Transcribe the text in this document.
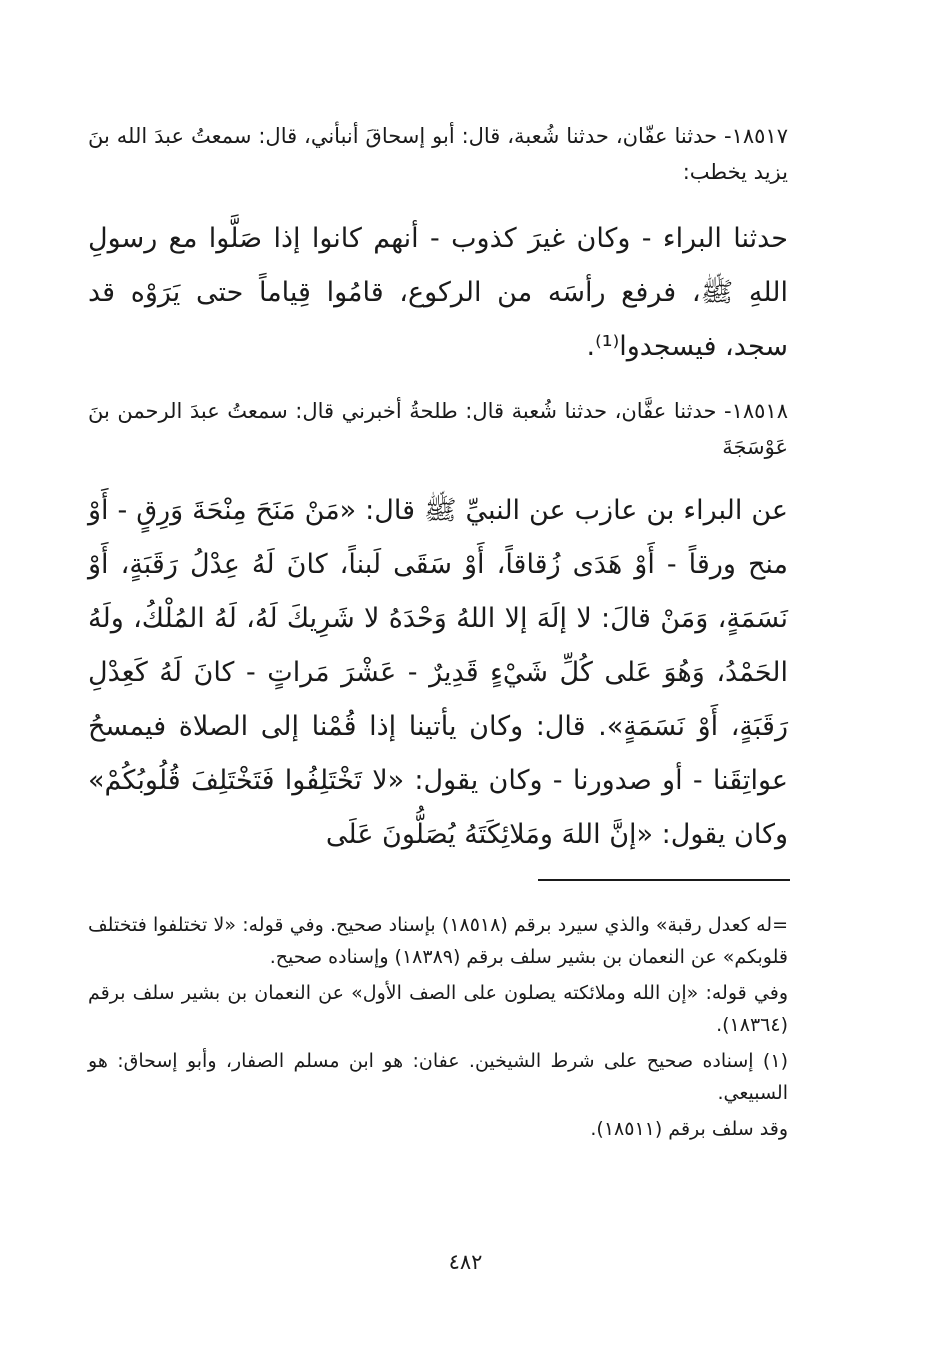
١٨٥١٧- حدثنا عفّان، حدثنا شُعبة، قال: أبو إسحاقَ أنبأني، قال: سمعتُ عبدَ الله بنَ يزيد يخطب:
حدثنا البراء - وكان غيرَ كذوب - أنهم كانوا إذا صَلَّوا مع رسولِ اللهِ ﷺ، فرفع رأسَه من الركوع، قامُوا قِياماً حتى يَرَوْه قد سجد، فيسجدوا⁽¹⁾.
١٨٥١٨- حدثنا عفَّان، حدثنا شُعبة قال: طلحةُ أخبرني قال: سمعتُ عبدَ الرحمن بنَ عَوْسَجَةَ
عن البراء بن عازب عن النبيِّ ﷺ قال: «مَنْ مَنَحَ مِنْحَةَ وَرِقٍ - أَوْ منح ورقاً - أَوْ هَدَى زُقاقاً، أَوْ سَقَى لَبناً، كانَ لَهُ عِدْلُ رَقَبَةٍ، أَوْ نَسَمَةٍ، وَمَنْ قالَ: لا إلَهَ إلا اللهُ وَحْدَهُ لا شَرِيكَ لَهُ، لَهُ المُلْكُ، ولَهُ الحَمْدُ، وَهُوَ عَلى كُلِّ شَيْءٍ قَدِيرٌ - عَشْرَ مَراتٍ - كانَ لَهُ كَعِدْلِ رَقَبَةٍ، أَوْ نَسَمَةٍ». قال: وكان يأتينا إذا قُمْنا إلى الصلاة فيمسحُ عواتِقَنا - أو صدورنا - وكان يقول: «لا تَخْتَلِفُوا فَتَخْتَلِفَ قُلُوبُكُمْ» وكان يقول: «إنَّ اللهَ ومَلائِكَتَهُ يُصَلُّونَ عَلَى

=له كعدل رقبة» والذي سيرد برقم (١٨٥١٨) بإسناد صحيح. وفي قوله: «لا تختلفوا فتختلف قلوبكم» عن النعمان بن بشير سلف برقم (١٨٣٨٩) وإسناده صحيح.

وفي قوله: «إن الله وملائكته يصلون على الصف الأول» عن النعمان بن بشير سلف برقم (١٨٣٦٤).

(١) إسناده صحيح على شرط الشيخين. عفان: هو ابن مسلم الصفار، وأبو إسحاق: هو السبيعي.

وقد سلف برقم (١٨٥١١).

٤٨٢
